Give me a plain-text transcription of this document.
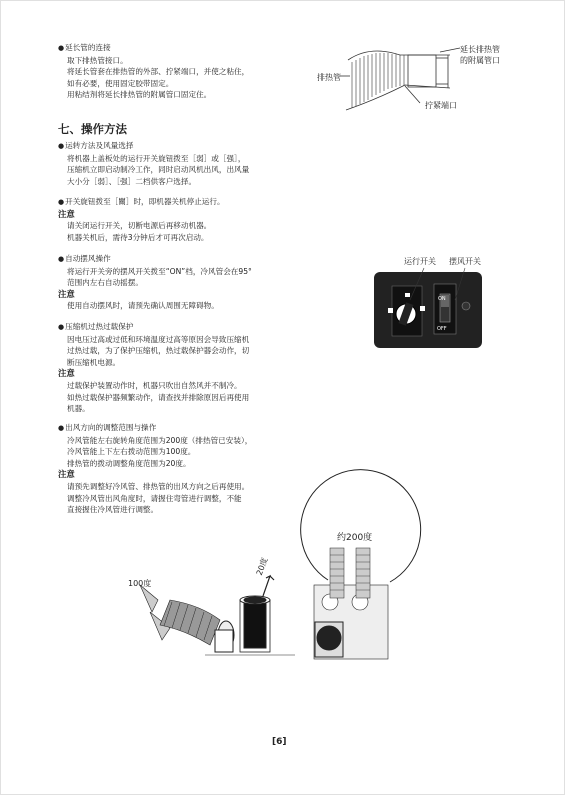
● 延长管的连接
取下排热管接口。
将延长管套在排热管的外部、拧紧端口，并使之粘住，
如有必要，使用固定胶带固定。
用粘结剂将延长排热管的附属管口固定住。
七、操作方法
● 运转方法及风量选择
将机器上盖板处的运行开关旋钮拨至［弱］或［强］，
压缩机立即启动制冷工作，同时启动风机出风，出风量
大小分［弱］、［强］二档供客户选择。
● 开关旋钮拨至［關］时，即机器关机停止运行。
注意
请关闭运行开关，切断电源后再移动机器。
机器关机后，需待3分钟后才可再次启动。
● 自动摆风操作
将运行开关旁的摆风开关拨至“ON”档，冷风管会在95°
范围内左右自动摇摆。
注意
使用自动摆风时，请预先确认周围无障碍物。
● 压缩机过热过载保护
因电压过高或过低和环境温度过高等原因会导致压缩机
过热过载，为了保护压缩机，热过载保护器会动作，切
断压缩机电源。
注意
过载保护装置动作时，机器只吹出自然风并不制冷。
如热过载保护器频繁动作，请查找并排除原因后再使用
机器。
● 出风方向的调整范围与操作
冷风管能左右旋转角度范围为200度（排热管已安装），
冷风管能上下左右拨动范围为100度。
排热管的拨动调整角度范围为20度。
注意
请预先调整好冷风管、排热管的出风方向之后再使用。
调整冷风管出风角度时，请握住弯管进行调整，不能
直接握住冷风管进行调整。
延长排热管
的附属管口
排热管
拧紧端口
运行开关 摆风开关
ON
OFF
100度
20度
约200度
[6]
